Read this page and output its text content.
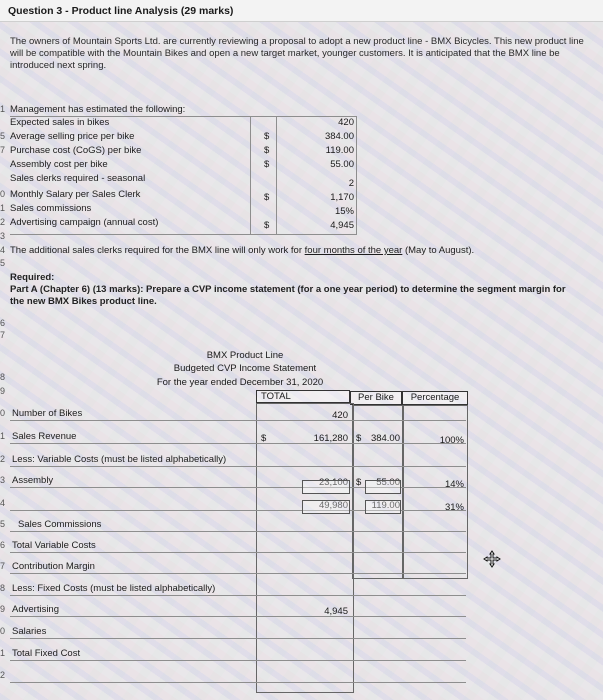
Question 3 - Product line Analysis (29 marks)
The owners of Mountain Sports Ltd. are currently reviewing a proposal to adopt a new product line - BMX Bicycles. This new product line will be compatible with the Mountain Bikes and open a new target market, younger customers. It is anticipated that the BMX line be introduced next spring.
1 Management has estimated the following:
Expected sales in bikes	420
5 Average selling price per bike	$	384.00
7 Purchase cost (CoGS) per bike	$	119.00
Assembly cost per bike	$	55.00
Sales clerks required - seasonal	2
0 Monthly Salary per Sales Clerk	$	1,170
1 Sales commissions	15%
2 Advertising campaign (annual cost)	$	4,945
3
4
5
The additional sales clerks required for the BMX line will only work for four months of the year (May to August).
Required:
Part A (Chapter 6) (13 marks): Prepare a CVP income statement (for a one year period) to determine the segment margin for the new BMX Bikes product line.
6
7
8
9
BMX Product Line
Budgeted CVP Income Statement
For the year ended December 31, 2020
TOTAL	Per Bike	Percentage
0 Number of Bikes	420
1 Sales Revenue	$	161,280 $	384.00	100%
2 Less: Variable Costs (must be listed alphabetically)
3 Assembly	23,100 $	55.00	14%
4	49,980	119.00	31%
5	Sales Commissions
6 Total Variable Costs
7 Contribution Margin
8 Less: Fixed Costs (must be listed alphabetically)
9 Advertising	4,945
0 Salaries
1 Total Fixed Cost
2
